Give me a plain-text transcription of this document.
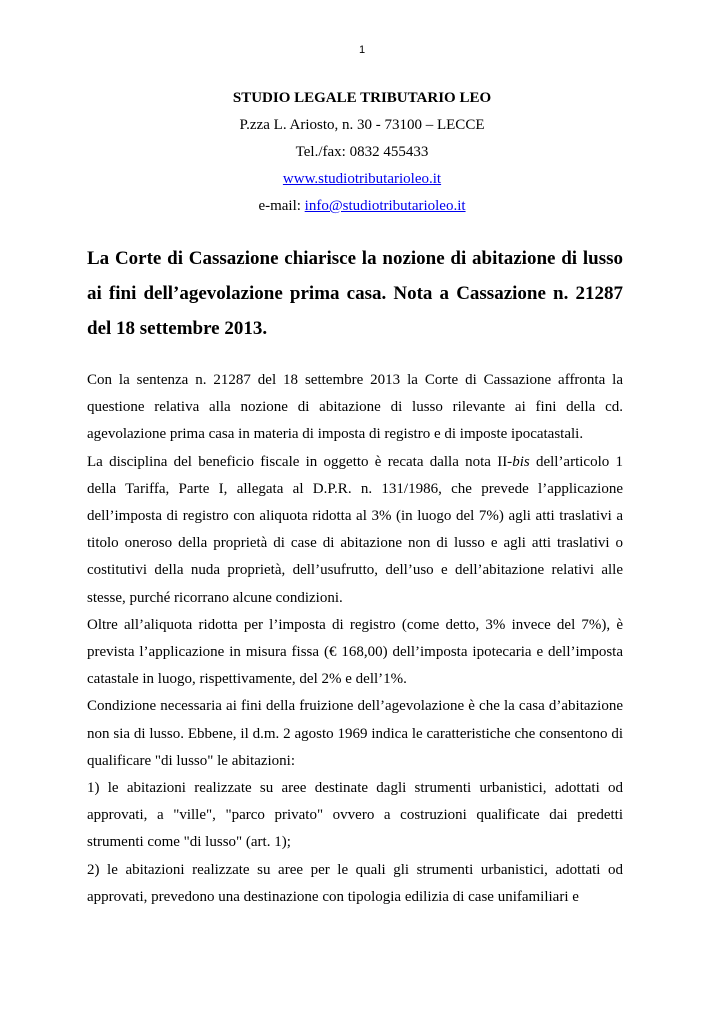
1
STUDIO LEGALE TRIBUTARIO LEO
P.zza L. Ariosto, n. 30 - 73100 – LECCE
Tel./fax: 0832 455433
www.studiotributarioleo.it
e-mail: info@studiotributarioleo.it
La Corte di Cassazione chiarisce la nozione di abitazione di lusso ai fini dell’agevolazione prima casa. Nota a Cassazione n. 21287 del 18 settembre 2013.

Con la sentenza n. 21287 del 18 settembre 2013 la Corte di Cassazione affronta la questione relativa alla nozione di abitazione di lusso rilevante ai fini della cd. agevolazione prima casa in materia di imposta di registro e di imposte ipocatastali.

La disciplina del beneficio fiscale in oggetto è recata dalla nota II-bis dell’articolo 1 della Tariffa, Parte I, allegata al D.P.R. n. 131/1986, che prevede l’applicazione dell’imposta di registro con aliquota ridotta al 3% (in luogo del 7%) agli atti traslativi a titolo oneroso della proprietà di case di abitazione non di lusso e agli atti traslativi o costitutivi della nuda proprietà, dell’usufrutto, dell’uso e dell’abitazione relativi alle stesse, purché ricorrano alcune condizioni.

Oltre all’aliquota ridotta per l’imposta di registro (come detto, 3% invece del 7%), è prevista l’applicazione in misura fissa (€ 168,00) dell’imposta ipotecaria e dell’imposta catastale in luogo, rispettivamente, del 2% e dell’1%.

Condizione necessaria ai fini della fruizione dell’agevolazione è che la casa d’abitazione non sia di lusso. Ebbene, il d.m. 2 agosto 1969 indica le caratteristiche che consentono di qualificare "di lusso" le abitazioni:

1) le abitazioni realizzate su aree destinate dagli strumenti urbanistici, adottati od approvati, a "ville", "parco privato" ovvero a costruzioni qualificate dai predetti strumenti come "di lusso" (art. 1);

2) le abitazioni realizzate su aree per le quali gli strumenti urbanistici, adottati od approvati, prevedono una destinazione con tipologia edilizia di case unifamiliari e
